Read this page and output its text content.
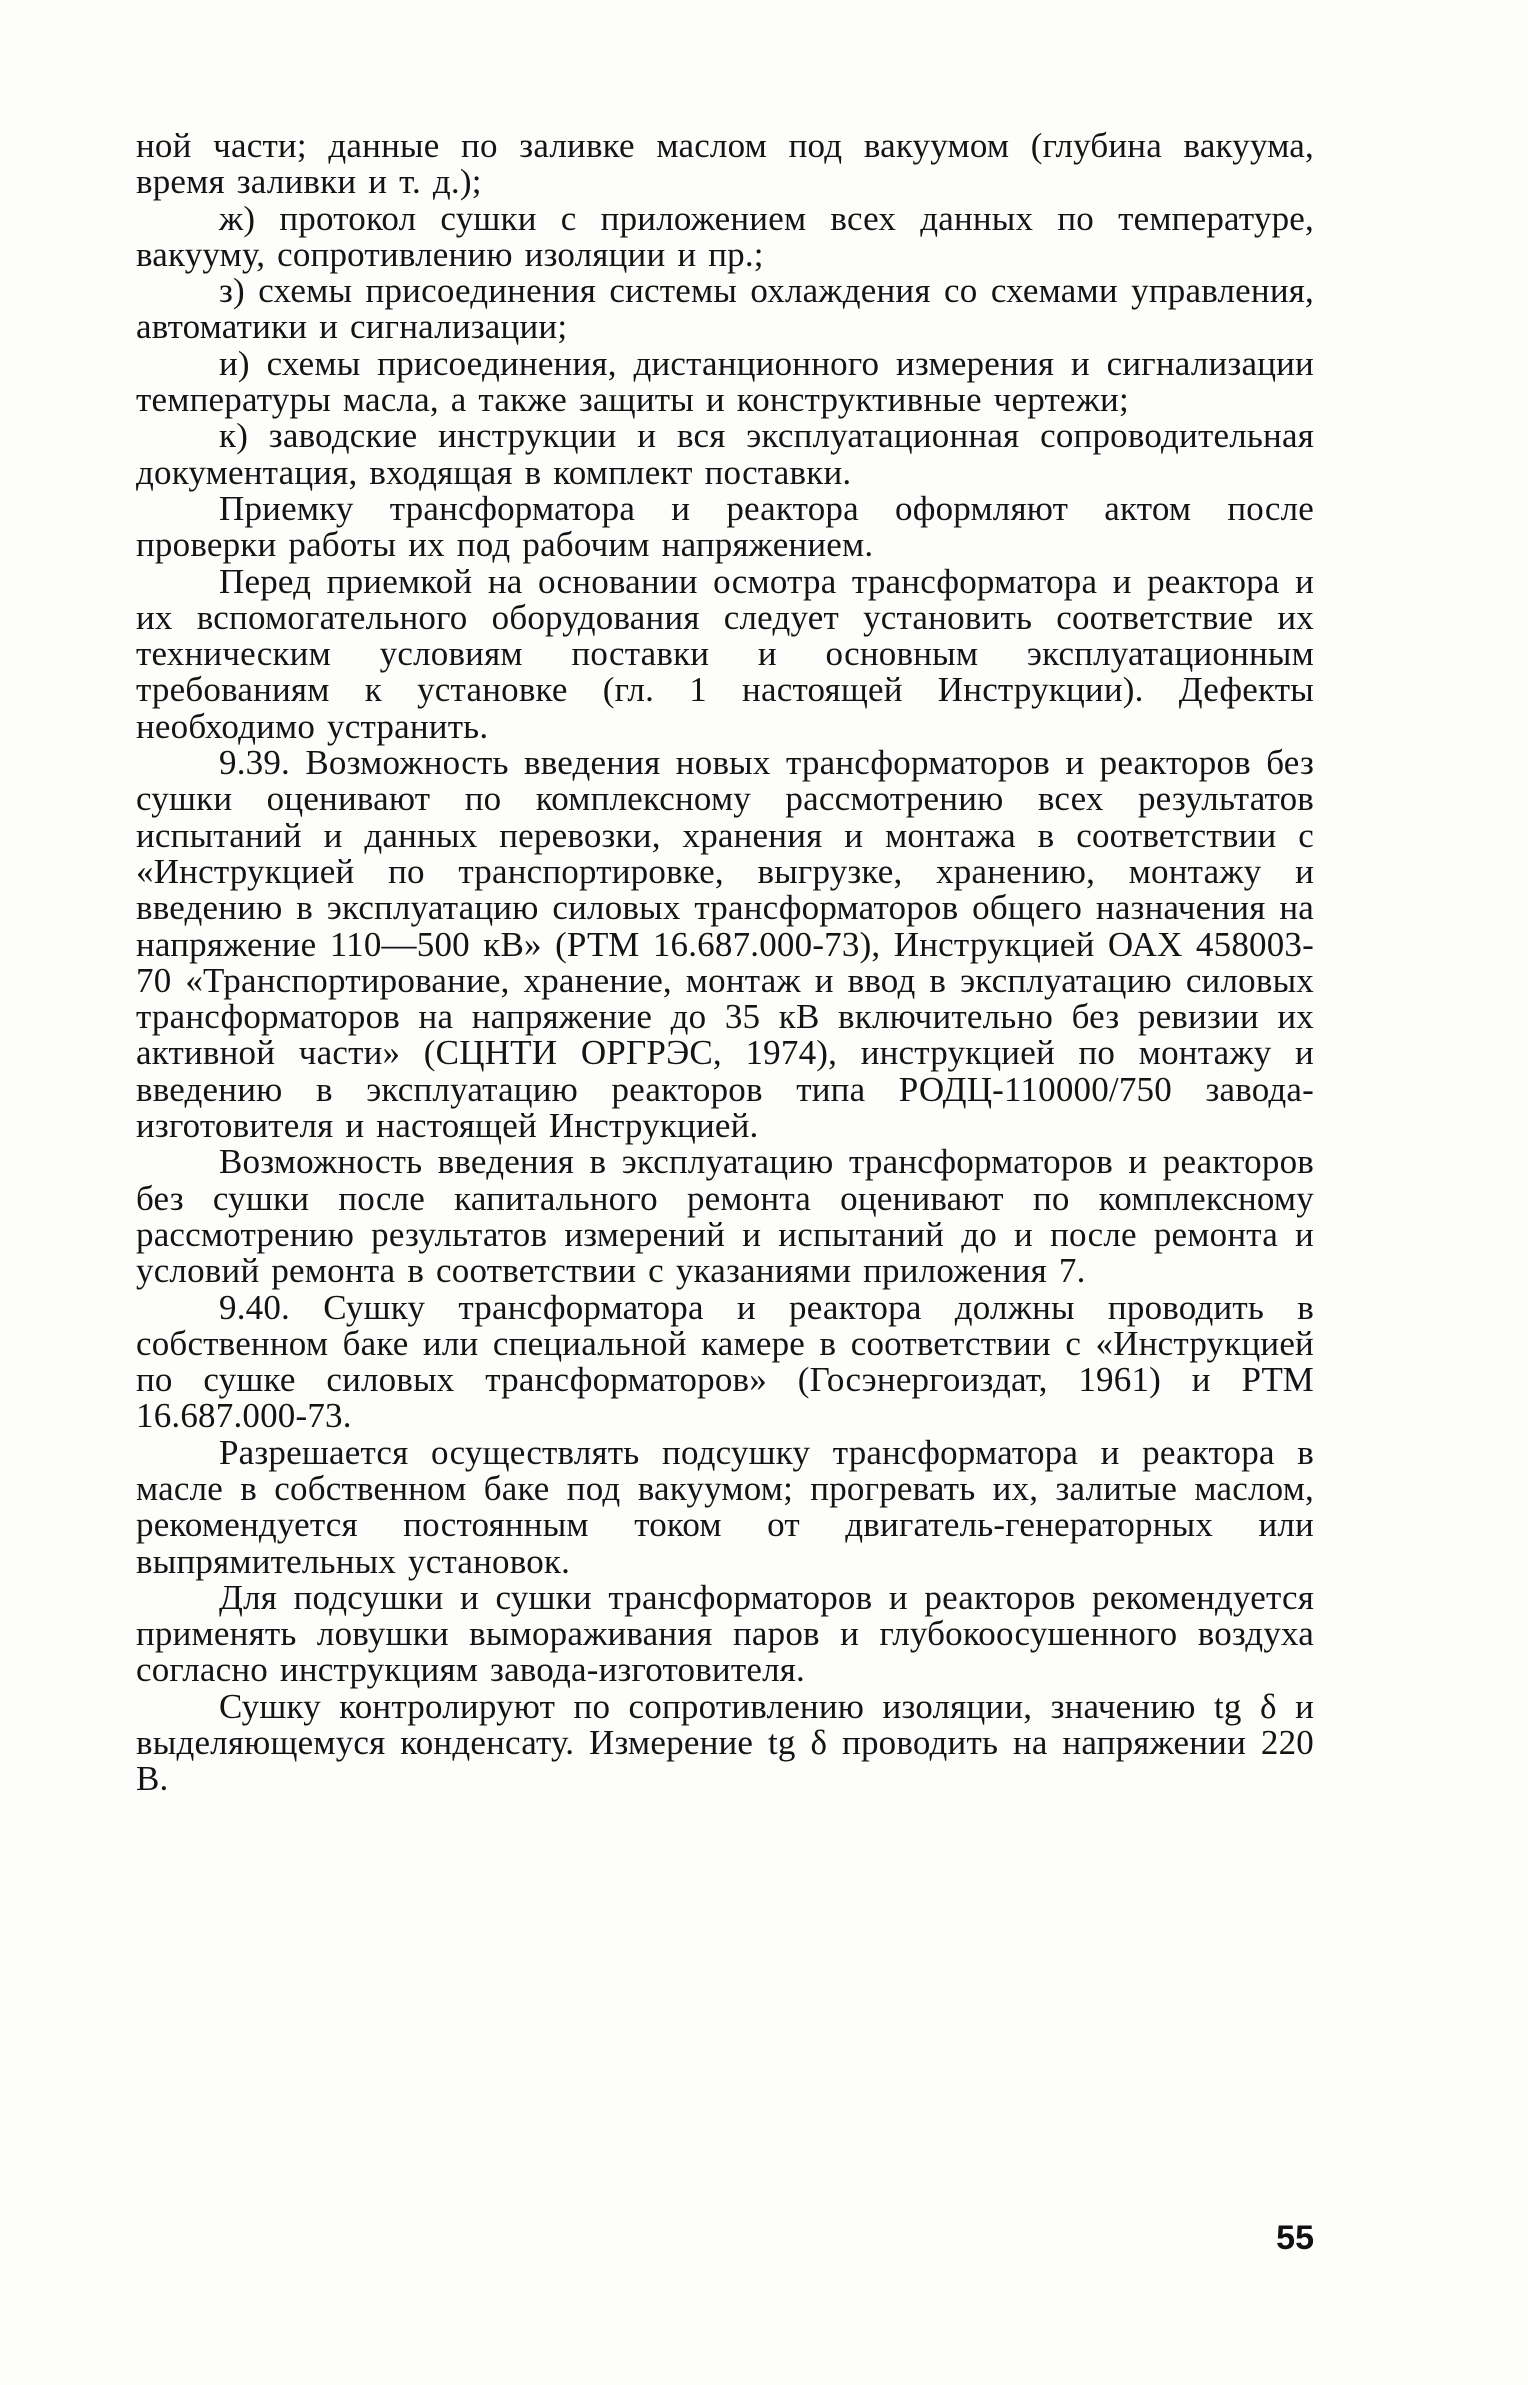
ной части; данные по заливке маслом под вакуумом (глубина вакуума, время заливки и т. д.);

ж) протокол сушки с приложением всех данных по температуре, вакууму, сопротивлению изоляции и пр.;

з) схемы присоединения системы охлаждения со схемами управления, автоматики и сигнализации;

и) схемы присоединения, дистанционного измерения и сигнализации температуры масла, а также защиты и конструктивные чертежи;

к) заводские инструкции и вся эксплуатационная сопроводительная документация, входящая в комплект поставки.

Приемку трансформатора и реактора оформляют актом после проверки работы их под рабочим напряжением.

Перед приемкой на основании осмотра трансформатора и реактора и их вспомогательного оборудования следует установить соответствие их техническим условиям поставки и основным эксплуатационным требованиям к установке (гл. 1 настоящей Инструкции). Дефекты необходимо устранить.

9.39. Возможность введения новых трансформаторов и реакторов без сушки оценивают по комплексному рассмотрению всех результатов испытаний и данных перевозки, хранения и монтажа в соответствии с «Инструкцией по транспортировке, выгрузке, хранению, монтажу и введению в эксплуатацию силовых трансформаторов общего назначения на напряжение 110—500 кВ» (РТМ 16.687.000-73), Инструкцией ОАХ 458003-70 «Транспортирование, хранение, монтаж и ввод в эксплуатацию силовых трансформаторов на напряжение до 35 кВ включительно без ревизии их активной части» (СЦНТИ ОРГРЭС, 1974), инструкцией по монтажу и введению в эксплуатацию реакторов типа РОДЦ-110000/750 завода-изготовителя и настоящей Инструкцией.

Возможность введения в эксплуатацию трансформаторов и реакторов без сушки после капитального ремонта оценивают по комплексному рассмотрению результатов измерений и испытаний до и после ремонта и условий ремонта в соответствии с указаниями приложения 7.

9.40. Сушку трансформатора и реактора должны проводить в собственном баке или специальной камере в соответствии с «Инструкцией по сушке силовых трансформаторов» (Госэнергоиздат, 1961) и РТМ 16.687.000-73.

Разрешается осуществлять подсушку трансформатора и реактора в масле в собственном баке под вакуумом; прогревать их, залитые маслом, рекомендуется постоянным током от двигатель-генераторных или выпрямительных установок.

Для подсушки и сушки трансформаторов и реакторов рекомендуется применять ловушки вымораживания паров и глубокоосушенного воздуха согласно инструкциям завода-изготовителя.

Сушку контролируют по сопротивлению изоляции, значению tg δ и выделяющемуся конденсату. Измерение tg δ проводить на напряжении 220 В.

55
